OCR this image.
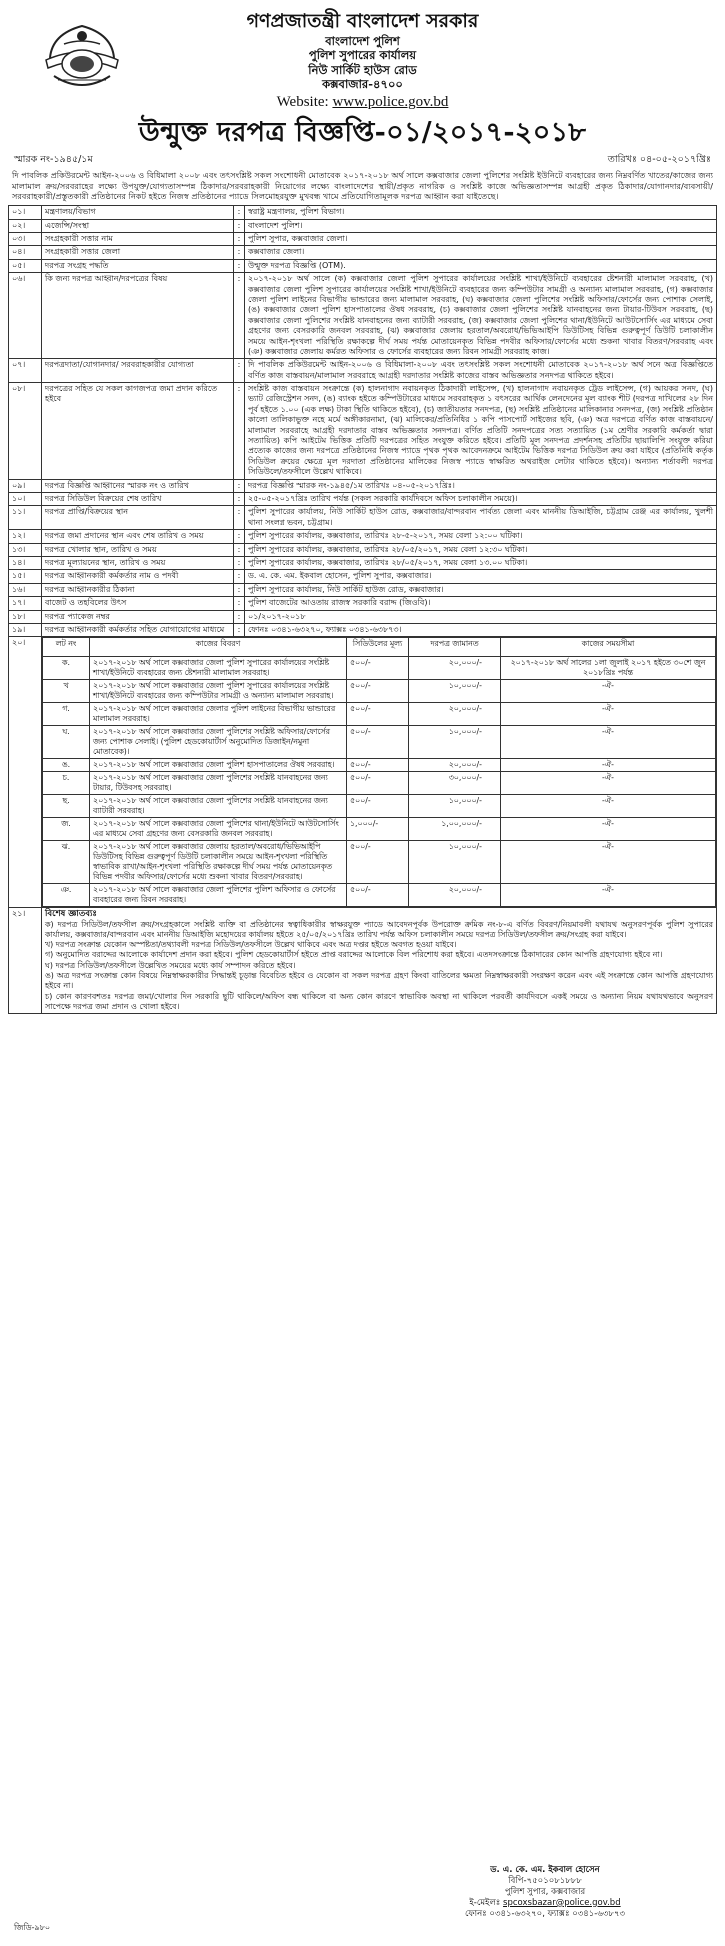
গণপ্রজাতন্ত্রী বাংলাদেশ সরকার
বাংলাদেশ পুলিশ
পুলিশ সুপারের কার্যালয়
নিউ সার্কিট হাউস রোড
কক্সবাজার-৪৭০০
Website: www.police.gov.bd
উন্মুক্ত দরপত্র বিজ্ঞপ্তি-০১/২০১৭-২০১৮
স্মারক নং-১৯৪৫/১ম	তারিখঃ ০৪-০৫-২০১৭খ্রিঃ
দি পাবলিক প্রকিউরমেন্ট আইন-২০০৬ ও বিধিমালা ২০০৮ এবং তৎসংশ্লিষ্ট সকল সংশোধনী মোতাবেক ২০১৭-২০১৮ অর্থ সালে কক্সবাজার জেলা পুলিশের সংশ্লিষ্ট ইউনিটে ব্যবহারের জন্য নিম্নবর্ণিত খাতের/কাজের জন্য মালামাল ক্রয়/সরবরাহের লক্ষ্যে উপযুক্ত/যোগ্যতাসম্পন্ন ঠিকাদার/সরবরাহকারী নিয়োগের লক্ষ্যে বাংলাদেশের স্থায়ী/প্রকৃত নাগরিক ও সংশ্লিষ্ট কাজে অভিজ্ঞতাসম্পন্ন আগ্রহী প্রকৃত ঠিকাদার/যোগানদার/ব্যবসায়ী/সরবরাহকারী/প্রস্তুতকারী প্রতিষ্ঠানের নিকট হইতে নিজস্ব প্রতিষ্ঠানের প্যাডে সিলমোহরযুক্ত মুখবন্ধ খামে প্রতিযোগিতামূলক দরপত্র আহ্বান করা যাইতেছে।
০১।	মন্ত্রণালয়/বিভাগ	:	স্বরাষ্ট্র মন্ত্রণালয়, পুলিশ বিভাগ।
০২।	এজেন্সি/সংস্থা	:	বাংলাদেশ পুলিশ।
০৩।	সংগ্রহকারী সত্তার নাম	:	পুলিশ সুপার, কক্সবাজার জেলা।
০৪।	সংগ্রহকারী সত্তার জেলা	:	কক্সবাজার জেলা।
০৫।	দরপত্র সংগ্রহ পদ্ধতি	:	উন্মুক্ত দরপত্র বিজ্ঞপ্তি (OTM).
০৬।	কি জন্য দরপত্র আহ্বান/দরপত্রের বিষয়	:	২০১৭-২০১৮ অর্থ সালে (ক) কক্সবাজার জেলা পুলিশ সুপারের কার্যালয়ের সংশ্লিষ্ট শাখা/ইউনিটে ব্যবহারের ষ্টেশনারী মালামাল সরবরাহ, (খ) কক্সবাজার জেলা পুলিশ সুপারের কার্যালয়ের সংশ্লিষ্ট শাখা/ইউনিটে ব্যবহারের জন্য কম্পিউটার সামগ্রী ও অন্যান্য মালামাল সরবরাহ, (গ) কক্সবাজার জেলা পুলিশ লাইনের বিভাগীয় ভান্ডারের জন্য মালামাল সরবরাহ, (ঘ) কক্সবাজার জেলা পুলিশের সংশ্লিষ্ট অফিসার/ফোর্সের জন্য পোশাক সেলাই, (ঙ) কক্সবাজার জেলা পুলিশ হাসপাতালের ঔষধ সরবরাহ, (চ) কক্সবাজার জেলা পুলিশের সংশ্লিষ্ট যানবাহনের জন্য টায়ার-টিউবস সরবরাহ, (ছ) কক্সবাজার জেলা পুলিশের সংশ্লিষ্ট যানবাহনের জন্য ব্যাটারী সরবরাহ, (জ) কক্সবাজার জেলা পুলিশের থানা/ইউনিটে আউটসোর্সিং এর মাধ্যমে সেবা গ্রহণের জন্য বেসরকারি জনবল সরবরাহ, (ঝ) কক্সবাজার জেলায় হরতাল/অবরোধ/ভিভিআইপি ডিউটিসহ বিভিন্ন গুরুত্বপূর্ণ ডিউটি চলাকালীন সময়ে আইন-শৃংখলা পরিস্থিতি রক্ষাকল্পে দীর্ঘ সময় পর্যন্ত মোতায়েনকৃত বিভিন্ন পদবীর অফিসার/ফোর্সের মধ্যে শুকনা খাবার বিতরণ/সরবরাহ এবং (ঞ) কক্সবাজার জেলায় কর্মরত অফিসার ও ফোর্সের ব্যবহারের জন্য রিবন সামগ্রী সরবরাহ কাজ।
০৭।	দরপত্রদাতা/যোগানদার/ সরবরাহকারীর যোগ্যতা	:	দি পাবলিক প্রকিউরমেন্ট আইন-২০০৬ ও বিধিমালা-২০০৮ এবং তৎসংশ্লিষ্ট সকল সংশোধনী মোতাবেক ২০১৭-২০১৮ অর্থ সনে অত্র বিজ্ঞপ্তিতে বর্ণিত কাজ বাস্তবায়ন/মালামাল সরবরাহে আগ্রহী দরদাতার সংশ্লিষ্ট কাজের বাস্তব অভিজ্ঞতার সনদপত্র থাকিতে হইবে।
০৮।	দরপত্রের সহিত যে সকল কাগজপত্র জমা প্রদান করিতে হইবে	:	সংশ্লিষ্ট কাজ বাস্তবায়ন সংক্রান্তে (ক) হালনাগাদ নবায়নকৃত ঠিকাদারী লাইসেন্স, (খ) হালনাগাদ নবায়নকৃত ট্রেড লাইসেন্স, (গ) আয়কর সনদ, (ঘ) ভ্যাট রেজিস্ট্রেশন সনদ, (ঙ) ব্যাংক হইতে কম্পিউটারের মাধ্যমে সরবরাহকৃত ১ বৎসরের আর্থিক লেনদেনের মূল ব্যাংক শীট (দরপত্র দাখিলের ২৮ দিন পূর্ব হইতে ১.০০ (এক লক্ষ) টাকা স্থিতি থাকিতে হইবে), (চ) জাতীয়তার সনদপত্র, (ছ) সংশ্লিষ্ট প্রতিষ্ঠানের মালিকানার সনদপত্র, (জ) সংশ্লিষ্ট প্রতিষ্ঠান কালো তালিকাভুক্ত নহে মর্মে অঙ্গীকারনামা, (ঝ) মালিকের/প্রতিনিধির ১ কপি পাসপোর্ট সাইজের ছবি, (ঞ) অত্র দরপত্রে বর্ণিত কাজ বাস্তবায়নে/মালামাল সরবরাহে আগ্রহী দরদাতার বাস্তব অভিজ্ঞতার সনদপত্র। বর্ণিত প্রতিটি সনদপত্রের সত্য সত্যায়িত (১ম শ্রেণীর সরকারি কর্মকর্তা দ্বারা সত্যায়িত) কপি আইটেম ভিত্তিক প্রতিটি দরপত্রের সহিত সংযুক্ত করিতে হইবে। প্রতিটি মূল সনদপত্র প্রদর্শনসহ প্রতিটির ছায়ালিপি সংযুক্ত করিয়া প্রত্যেক কাজের জন্য দরপত্রে প্রতিষ্ঠানের নিজস্ব প্যাডে পৃথক পৃথক আবেদনক্রমে আইটেম ভিত্তিক দরপত্র সিডিউল ক্রয় করা যাইবে (প্রতিনিধি কর্তৃক সিডিউল ক্রয়ের ক্ষেত্রে মূল দরদাতা প্রতিষ্ঠানের মালিকের নিজস্ব প্যাডে স্বাক্ষরিত অথরাইজ লেটার থাকিতে হইবে)। অন্যান্য শর্তাবলী দরপত্র সিডিউলে/তফসীলে উল্লেখ থাকিবে।
০৯।	দরপত্র বিজ্ঞপ্তি আহ্বানের স্মারক নং ও তারিখ	:	দরপত্র বিজ্ঞপ্তি স্মারক নং-১৯৪৫/১ম তারিখঃ ০৪-০৫-২০১৭খ্রিঃ।
১০।	দরপত্র সিডিউল বিক্রয়ের শেষ তারিখ	:	২৫-০৫-২০১৭খ্রিঃ তারিখ পর্যন্ত (সকল সরকারি কার্যদিবসে অফিস চলাকালীন সময়ে)।
১১।	দরপত্র প্রাপ্তি/বিক্রয়ের স্থান	:	পুলিশ সুপারের কার্যালয়, নিউ সার্কিট হাউস রোড, কক্সবাজার/বান্দরবান পার্বত্য জেলা এবং মাননীয় ডিআইজি, চট্টগ্রাম রেঞ্জ এর কার্যালয়, খুলশী থানা সংলগ্ন ভবন, চট্টগ্রাম।
১২।	দরপত্র জমা প্রদানের স্থান এবং শেষ তারিখ ও সময়	:	পুলিশ সুপারের কার্যালয়, কক্সবাজার, তারিখঃ ২৮-৫-২০১৭, সময় বেলা ১২:০০ ঘটিকা।
১৩।	দরপত্র খোলার স্থান, তারিখ ও সময়	:	পুলিশ সুপারের কার্যালয়, কক্সবাজার, তারিখঃ ২৮/০৫/২০১৭, সময় বেলা ১২:৩০ ঘটিকা।
১৪।	দরপত্র মূল্যায়নের স্থান, তারিখ ও সময়	:	পুলিশ সুপারের কার্যালয়, কক্সবাজার, তারিখঃ ২৮/০৫/২০১৭, সময় বেলা ১৩.০০ ঘটিকা।
১৫।	দরপত্র আহ্বানকারী কর্মকর্তার নাম ও পদবী	:	ড. এ. কে. এম. ইকবাল হোসেন, পুলিশ সুপার, কক্সবাজার।
১৬।	দরপত্র আহ্বানকারীর ঠিকানা	:	পুলিশ সুপারের কার্যালয়, নিউ সার্কিট হাউজ রোড, কক্সবাজার।
১৭।	বাজেট ও তহবিলের উৎস	:	পুলিশ বাজেটের আওতায় রাজস্ব সরকারি বরাদ্দ (জিওবি)।
১৮।	দরপত্র প্যাকেজ নম্বর	:	০১/২০১৭-২০১৮
১৯।	দরপত্র আহ্বানকারী কর্মকর্তার সহিত যোগাযোগের মাধ্যমে	:	ফোনঃ ০৩৪১-৬৩২৭০, ফ্যাক্সঃ ০৩৪১-৬৩৮৭৩।
২০।		লট নং	কাজের বিবরণ	সিডিউলের মূল্য	দরপত্র জামানত	কাজের সময়সীমা
ক.	২০১৭-২০১৮ অর্থ সালে কক্সবাজার জেলা পুলিশ সুপারের কার্যালয়ের সংশ্লিষ্ট শাখা/ইউনিটে ব্যবহারের জন্য ষ্টেশনারী মালামাল সরবরাহ।	৫০০/-	২০,০০০/-	২০১৭-২০১৮ অর্থ সালের ১লা জুলাই ২০১৭ হইতে ৩০শে জুন ২০১৮খ্রিঃ পর্যন্ত
খ	২০১৭-২০১৮ অর্থ সালে কক্সবাজার জেলা পুলিশ সুপারের কার্যালয়ের সংশ্লিষ্ট শাখা/ইউনিটে ব্যবহারের জন্য কম্পিউটার সামগ্রী ও অন্যান্য মালামাল সরবরাহ।	৫০০/-	১০,০০০/-	-ঐ-
গ.	২০১৭-২০১৮ অর্থ সালে কক্সবাজার জেলার পুলিশ লাইনের বিভাগীয় ভান্ডারের মালামাল সরবরাহ।	৫০০/-	২০,০০০/-	-ঐ-
ঘ.	২০১৭-২০১৮ অর্থ সালে কক্সবাজার জেলা পুলিশের সংশ্লিষ্ট অফিসার/ফোর্সের জন্য পোশাক সেলাই। (পুলিশ হেডকোয়ার্টার্স অনুমোদিত ডিজাইন/নমুনা মোতাবেক)।	৫০০/-	১০,০০০/-	-ঐ-
ঙ.	২০১৭-২০১৮ অর্থ সালে কক্সবাজার জেলা পুলিশ হাসপাতালের ঔষধ সরবরাহ।	৫০০/-	২০,০০০/-	-ঐ-
চ.	২০১৭-২০১৮ অর্থ সালে কক্সবাজার জেলা পুলিশের সংশ্লিষ্ট যানবাহনের জন্য টায়ার, টিউবসহ সরবরাহ।	৫০০/-	৩০,০০০/-	-ঐ-
ছ.	২০১৭-২০১৮ অর্থ সালে কক্সবাজার জেলা পুলিশের সংশ্লিষ্ট যানবাহনের জন্য ব্যাটারী সরবরাহ।	৫০০/-	১০,০০০/-	-ঐ-
জ.	২০১৭-২০১৮ অর্থ সালে কক্সবাজার জেলা পুলিশের থানা/ইউনিটে আউটসোর্সিং এর মাধ্যমে সেবা গ্রহণের জন্য বেসরকারি জনবল সরবরাহ।	১,০০০/-	১,০০,০০০/-	-ঐ-
ঝ.	২০১৭-২০১৮ অর্থ সালে কক্সবাজার জেলায় হরতাল/অবরোধ/ভিভিআইপি ডিউটিসহ বিভিন্ন গুরুত্বপূর্ণ ডিউটি চলাকালীন সময়ে আইন-শৃংখলা পরিস্থিতি স্বাভাবিক রাখা/আইন-শৃংখলা পরিস্থিতি রক্ষাকল্পে দীর্ঘ সময় পর্যন্ত মোতায়েনকৃত বিভিন্ন পদবীর অফিসার/ফোর্সের মধ্যে শুকনা খাবার বিতরণ/সরবরাহ।	৫০০/-	১০,০০০/-	-ঐ-
ঞ.	২০১৭-২০১৮ অর্থ সালে কক্সবাজার জেলা পুলিশের পুলিশ অফিসার ও ফোর্সের ব্যবহারের জন্য রিবন সরবরাহ।	৫০০/-	২০,০০০/-	-ঐ-

২১।	বিশেষ জ্ঞাতব্যঃ
ক) দরপত্র সিডিউল/তফসীল ক্রয়/সংগ্রহকালে সংশ্লিষ্ট ব্যক্তি বা প্রতিষ্ঠানের স্বত্বাধিকারীর স্বাক্ষরযুক্ত প্যাডে আবেদনপূর্বক উপরোক্ত ক্রমিক নং-৮-এ বর্ণিত বিবরণ/নিয়মাবলী যথাযথ অনুসরণপূর্বক পুলিশ সুপারের কার্যালয়, কক্সবাজার/বান্দরবান এবং মাননীয় ডিআইজি মহোদয়ের কার্যালয় হইতে ২৫/০৫/২০১৭খ্রিঃ তারিখ পর্যন্ত অফিস চলাকালীন সময়ে দরপত্র সিডিউল/তফসীল ক্রয়/সংগ্রহ করা যাইবে।
খ) দরপত্র সংক্রান্ত যেকোন অস্পষ্টতা/তথ্যাবলী দরপত্র সিডিউল/তফসীলে উল্লেখ থাকিবে এবং অত্র দপ্তর হইতে অবগত হওয়া যাইবে।
গ) অনুমোদিত বরাদ্দের আলোকে কার্যাদেশ প্রদান করা হইবে। পুলিশ হেডকোয়ার্টার্স হইতে প্রাপ্ত বরাদ্দের আলোকে বিল পরিশোধ করা হইবে। এতদসংক্রান্তে ঠিকাদারের কোন আপত্তি গ্রহণযোগ্য হইবে না।
ঘ) দরপত্র সিডিউল/তফসীলে উল্লেখিত সময়ের মধ্যে কার্য সম্পাদন করিতে হইবে।
ঙ) অত্র দরপত্র সংক্রান্ত কোন বিষয়ে নিম্নস্বাক্ষরকারীর সিদ্ধান্তই চূড়ান্ত বিবেচিত হইবে ও যেকোন বা সকল দরপত্র গ্রহণ কিংবা বাতিলের ক্ষমতা নিম্নস্বাক্ষরকারী সংরক্ষণ করেন এবং এই সংক্রান্তে কোন আপত্তি গ্রহণযোগ্য হইবে না।
চ) কোন কারণবশতঃ দরপত্র জমা/খোলার দিন সরকারি ছুটি থাকিলে/অফিস বন্ধ থাকিলে বা অন্য কোন কারণে স্বাভাবিক অবস্থা না থাকিলে পরবর্তী কার্যদিবসে একই সময়ে ও অন্যান্য নিয়ম যথাযথভাবে অনুসরণ সাপেক্ষে দরপত্র জমা প্রদান ও খোলা হইবে।
ড. এ. কে. এম. ইকবাল হোসেন
বিপি-৭৫০১০৮১৮৮৮
পুলিশ সুপার, কক্সবাজার
ই-মেইলঃ spcoxsbazar@police.gov.bd
ফোনঃ ০৩৪১-৬৩২৭০, ফ্যাক্সঃ ০৩৪১-৬৩৮৭৩
জিডি-৯৮০
